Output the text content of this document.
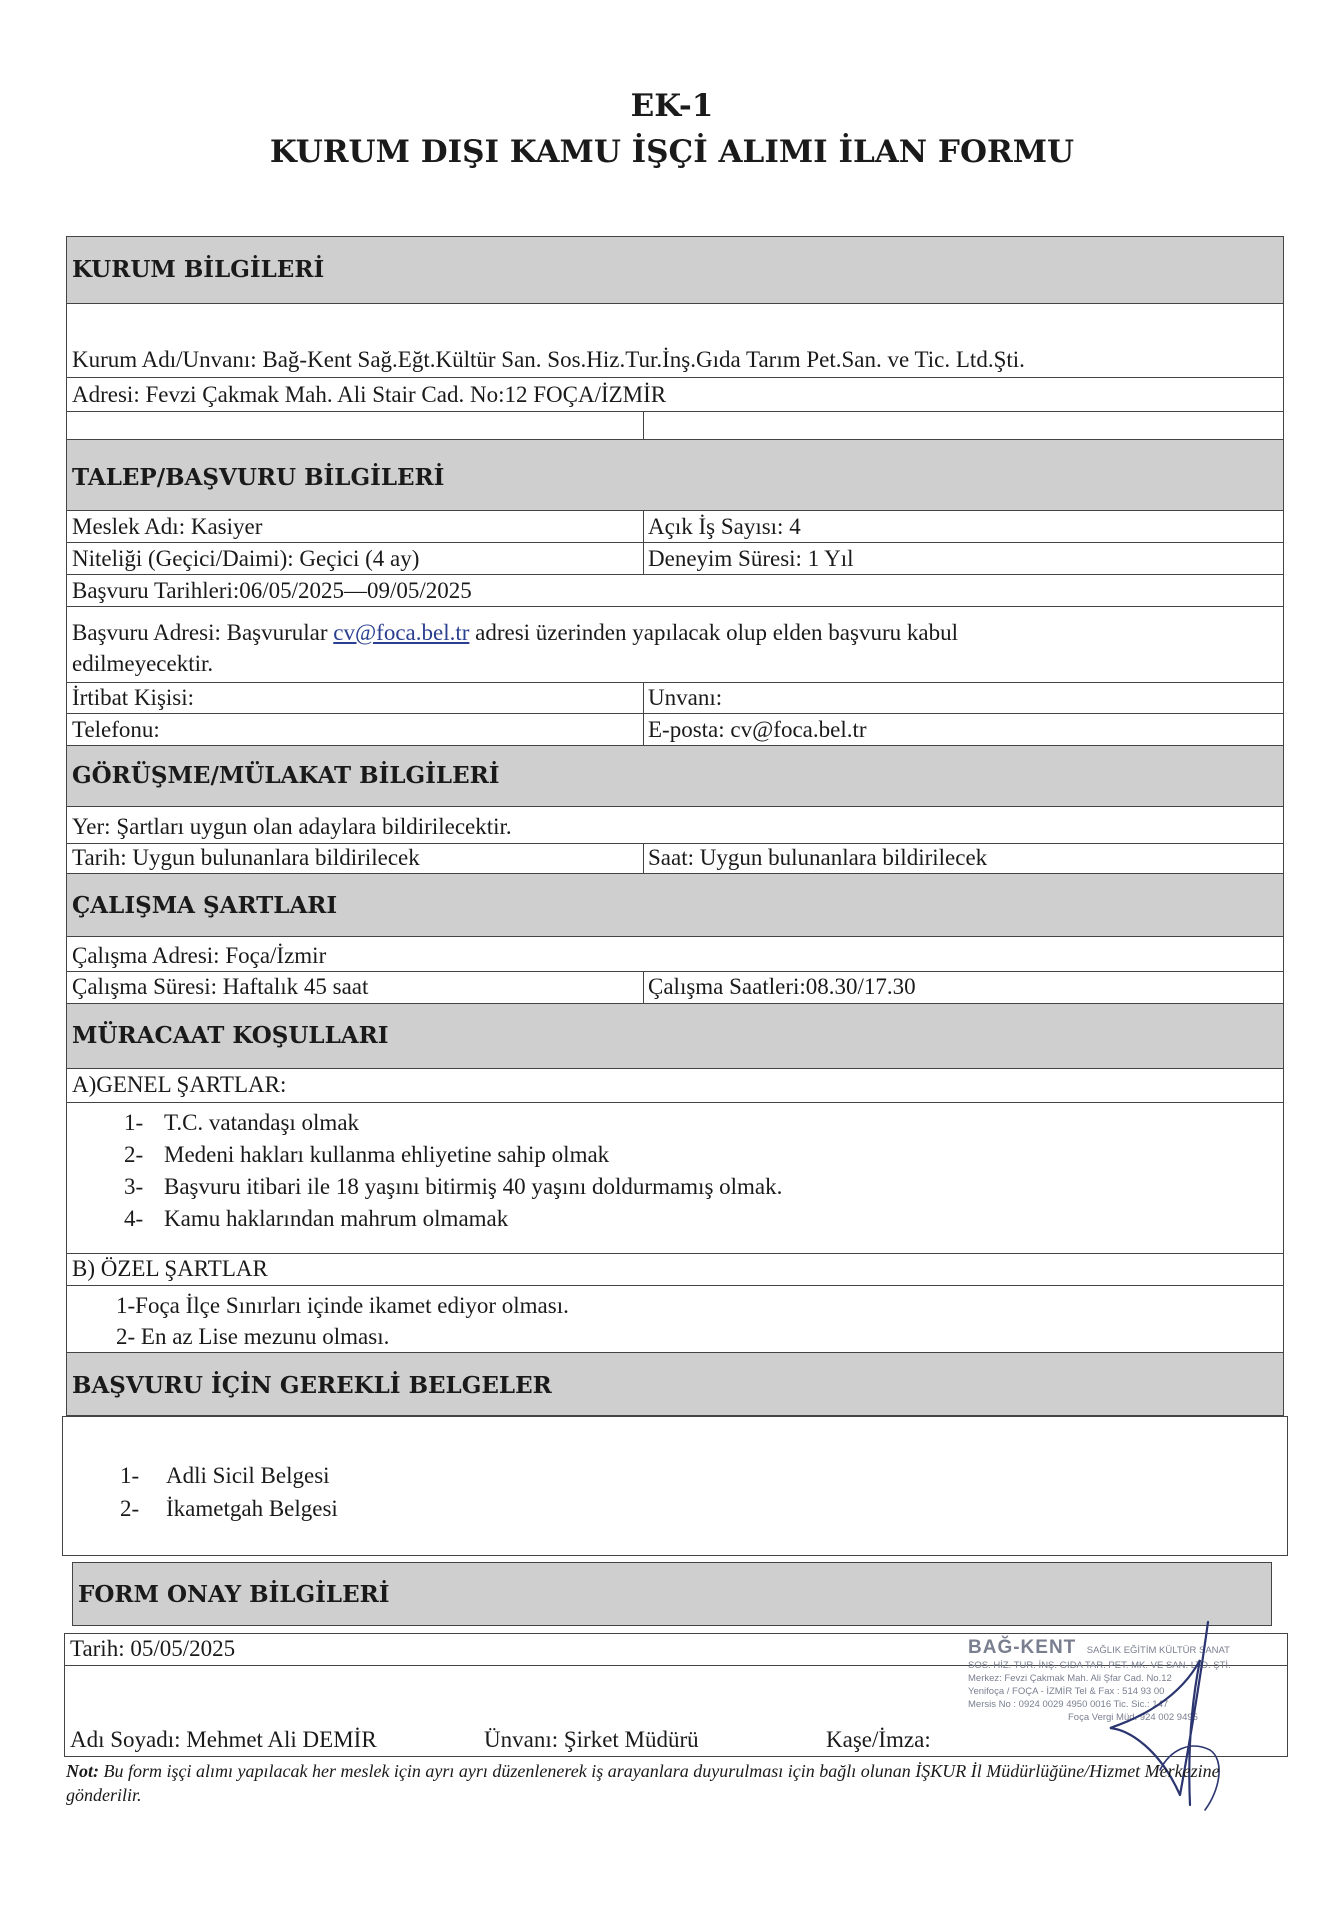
EK-1
KURUM DIŞI KAMU İŞÇİ ALIMI İLAN FORMU
KURUM BİLGİLERİ
Kurum Adı/Unvanı: Bağ-Kent Sağ.Eğt.Kültür San. Sos.Hiz.Tur.İnş.Gıda Tarım Pet.San. ve Tic. Ltd.Şti.
Adresi: Fevzi Çakmak Mah. Ali Stair Cad. No:12 FOÇA/İZMİR
TALEP/BAŞVURU BİLGİLERİ
Meslek Adı: Kasiyer	Açık İş Sayısı: 4
Niteliği (Geçici/Daimi): Geçici (4 ay)	Deneyim Süresi: 1 Yıl
Başvuru Tarihleri:06/05/2025—09/05/2025
Başvuru Adresi: Başvurular cv@foca.bel.tr adresi üzerinden yapılacak olup elden başvuru kabul
edilmeyecektir.
İrtibat Kişisi:	Unvanı:
Telefonu:	E-posta: cv@foca.bel.tr
GÖRÜŞME/MÜLAKAT BİLGİLERİ
Yer: Şartları uygun olan adaylara bildirilecektir.
Tarih: Uygun bulunanlara bildirilecek	Saat: Uygun bulunanlara bildirilecek
ÇALIŞMA ŞARTLARI
Çalışma Adresi: Foça/İzmir
Çalışma Süresi: Haftalık 45 saat	Çalışma Saatleri:08.30/17.30
MÜRACAAT KOŞULLARI
A)GENEL ŞARTLAR:
1- T.C. vatandaşı olmak
2- Medeni hakları kullanma ehliyetine sahip olmak
3- Başvuru itibari ile 18 yaşını bitirmiş 40 yaşını doldurmamış olmak.
4- Kamu haklarından mahrum olmamak
B) ÖZEL ŞARTLAR
1-Foça İlçe Sınırları içinde ikamet ediyor olması.
2- En az Lise mezunu olması.
BAŞVURU İÇİN GEREKLİ BELGELER
1- Adli Sicil Belgesi
2- İkametgah Belgesi
FORM ONAY BİLGİLERİ
Tarih: 05/05/2025
Adı Soyadı: Mehmet Ali DEMİR	Ünvanı: Şirket Müdürü	Kaşe/İmza:
BAĞ-KENT SAĞLIK EĞİTİM KÜLTÜR SANAT
SOS. HİZ. TUR. İNŞ. GIDA TAR. PET. MK. VE SAN. LTD. ŞTİ.
Merkez: Fevzi Çakmak Mah. Ali Şfar Cad. No.12
Yenifoça / FOÇA - İZMİR Tel & Fax : 514 93 00
Mersis No : 0924 0029 4950 0016 Tic. Sic.: 147
Foça Vergi Müd. 924 002 9495
Not: Bu form işçi alımı yapılacak her meslek için ayrı ayrı düzenlenerek iş arayanlara duyurulması için bağlı olunan İŞKUR İl Müdürlüğüne/Hizmet Merkezine gönderilir.
